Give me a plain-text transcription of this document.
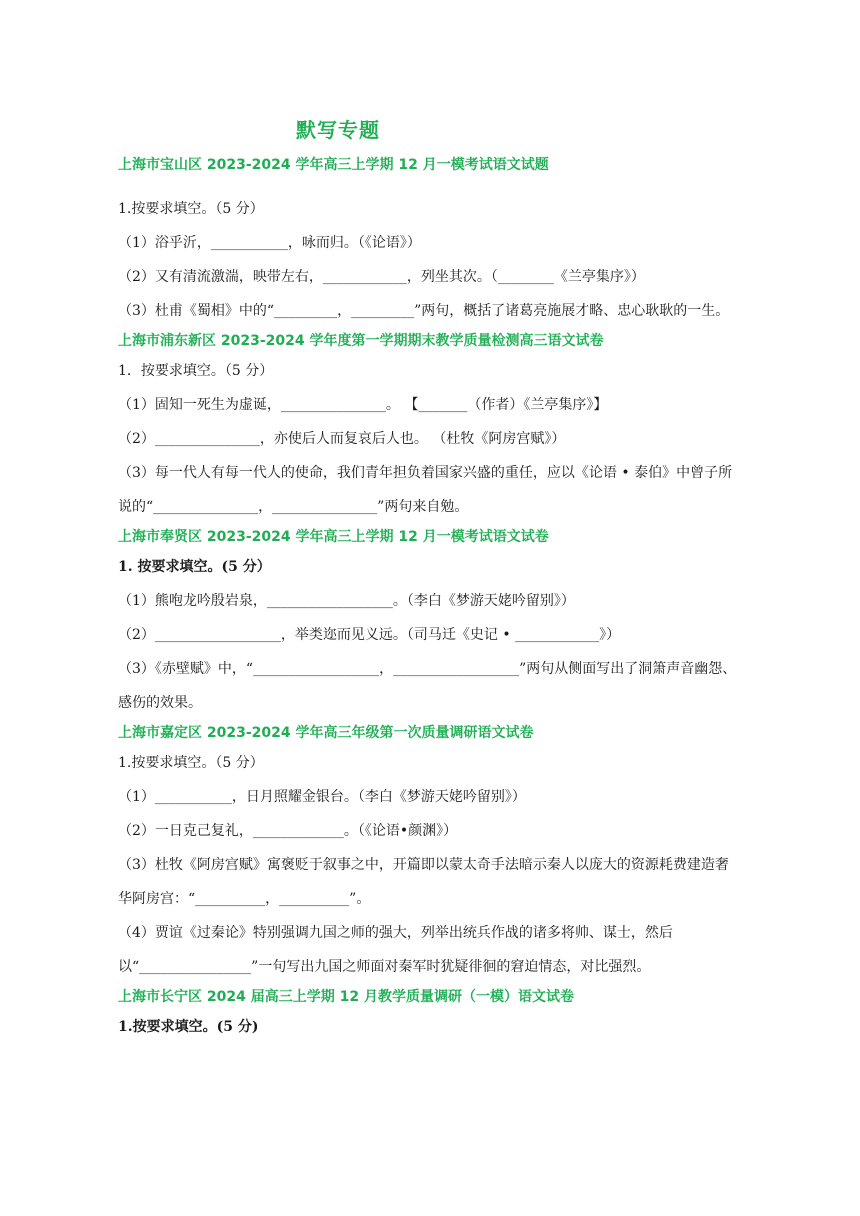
默写专题
上海市宝山区 2023-2024 学年高三上学期 12 月一模考试语文试题
1.按要求填空。（5 分）
（1）浴乎沂，___________，咏而归。（《论语》）
（2）又有清流激湍，映带左右，____________，列坐其次。（________《兰亭集序》）
（3）杜甫《蜀相》中的“_________，_________”两句，概括了诸葛亮施展才略、忠心耿耿的一生。
上海市浦东新区 2023-2024 学年度第一学期期末教学质量检测高三语文试卷
1．按要求填空。（5 分）
（1）固知一死生为虚诞，_______________。 【_______（作者）《兰亭集序》】
（2）_______________，亦使后人而复哀后人也。 （杜牧《阿房宫赋》）
（3）每一代人有每一代人的使命，我们青年担负着国家兴盛的重任，应以《论语 • 泰伯》中曾子所说的“_______________，_______________”两句来自勉。
上海市奉贤区 2023-2024 学年高三上学期 12 月一模考试语文试卷
1. 按要求填空。(5 分）
（1）熊咆龙吟殷岩泉，__________________。（李白《梦游天姥吟留别》）
（2）__________________，举类迩而见义远。（司马迁《史记 • ____________》）
（3）《赤壁赋》中，“__________________，__________________”两句从侧面写出了洞箫声音幽怨、感伤的效果。
上海市嘉定区 2023-2024 学年高三年级第一次质量调研语文试卷
1.按要求填空。（5 分）
（1）___________，日月照耀金银台。（李白《梦游天姥吟留别》）
（2）一日克己复礼，_____________。（《论语•颜渊》）
（3）杜牧《阿房宫赋》寓褒贬于叙事之中，开篇即以蒙太奇手法暗示秦人以庞大的资源耗费建造奢华阿房宫：“__________，__________”。
（4）贾谊《过秦论》特别强调九国之师的强大，列举出统兵作战的诸多将帅、谋士，然后以“________________”一句写出九国之师面对秦军时犹疑徘徊的窘迫情态，对比强烈。
上海市长宁区 2024 届高三上学期 12 月教学质量调研（一模）语文试卷
1.按要求填空。(5 分)
